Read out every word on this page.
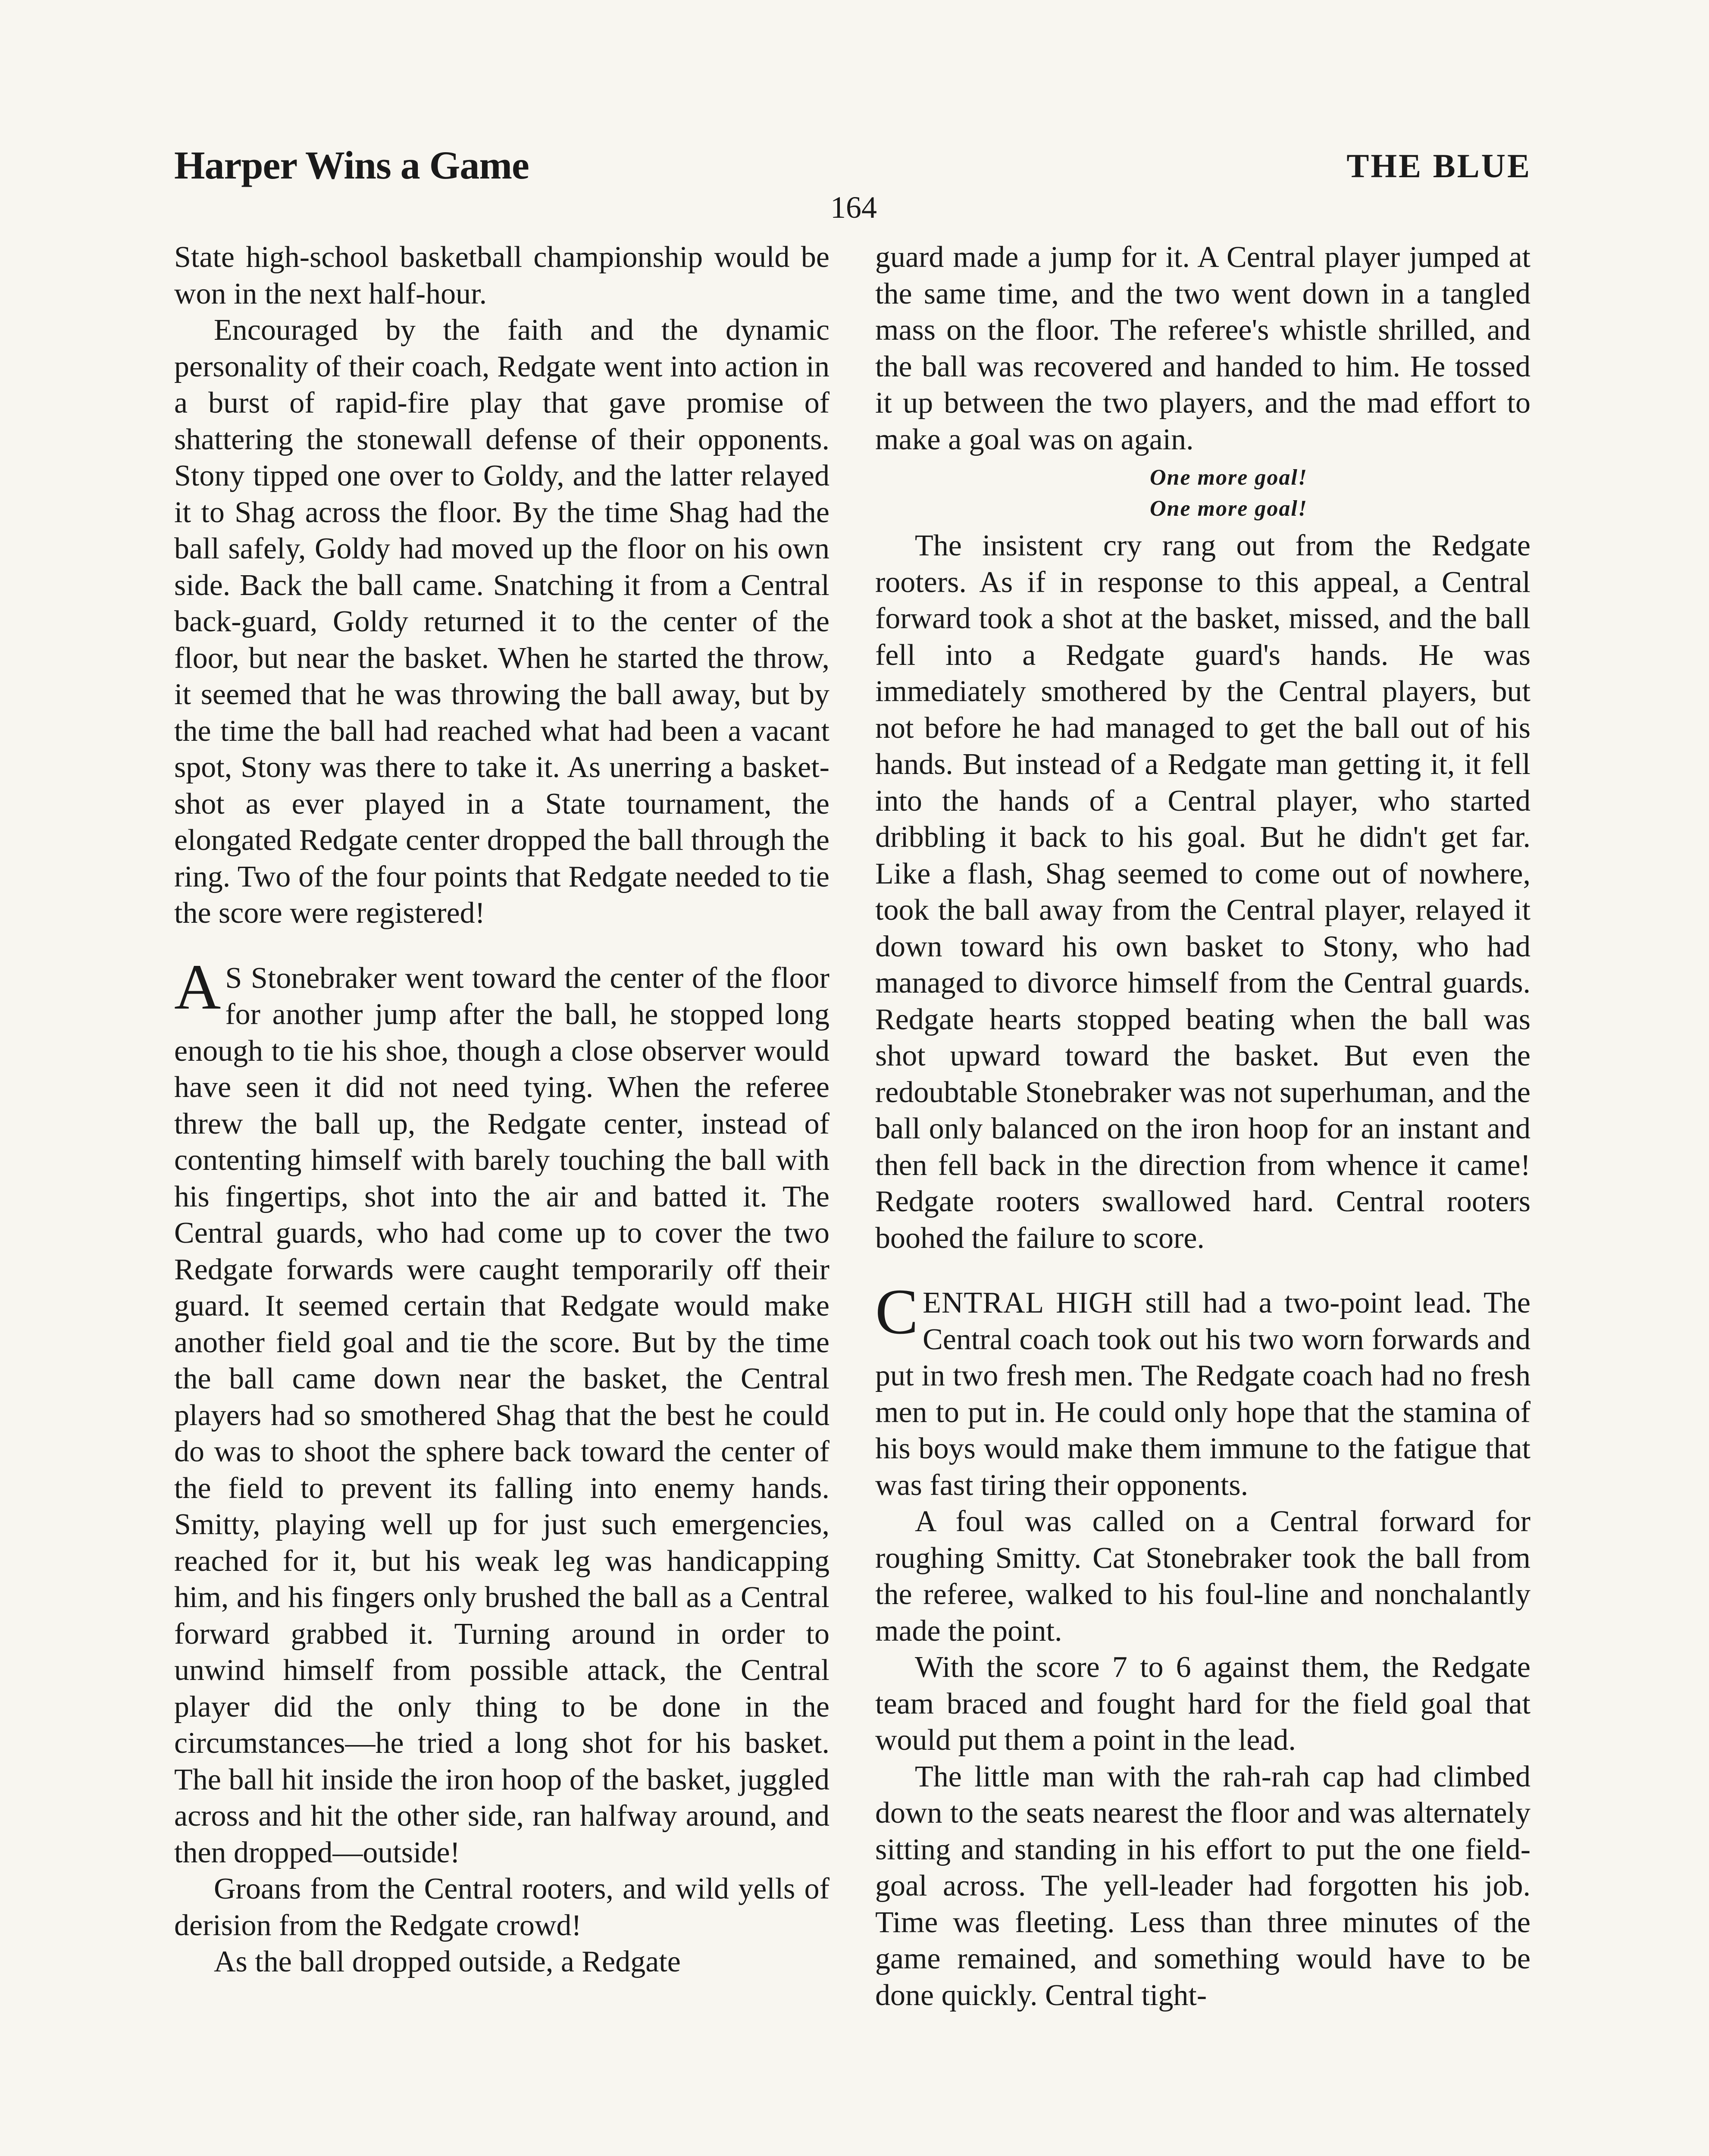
Harper Wins a Game
164
THE BLUE

State high-school basketball championship would be won in the next half-hour.

Encouraged by the faith and the dynamic personality of their coach, Redgate went into action in a burst of rapid-fire play that gave promise of shattering the stonewall defense of their opponents. Stony tipped one over to Goldy, and the latter relayed it to Shag across the floor. By the time Shag had the ball safely, Goldy had moved up the floor on his own side. Back the ball came. Snatching it from a Central back-guard, Goldy returned it to the center of the floor, but near the basket. When he started the throw, it seemed that he was throwing the ball away, but by the time the ball had reached what had been a vacant spot, Stony was there to take it. As unerring a basket-shot as ever played in a State tournament, the elongated Redgate center dropped the ball through the ring. Two of the four points that Redgate needed to tie the score were registered!

A S Stonebraker went toward the center of the floor for another jump after the ball, he stopped long enough to tie his shoe, though a close observer would have seen it did not need tying. When the referee threw the ball up, the Redgate center, instead of contenting himself with barely touching the ball with his fingertips, shot into the air and batted it. The Central guards, who had come up to cover the two Redgate forwards were caught temporarily off their guard. It seemed certain that Redgate would make another field goal and tie the score. But by the time the ball came down near the basket, the Central players had so smothered Shag that the best he could do was to shoot the sphere back toward the center of the field to prevent its falling into enemy hands. Smitty, playing well up for just such emergencies, reached for it, but his weak leg was handicapping him, and his fingers only brushed the ball as a Central forward grabbed it. Turning around in order to unwind himself from possible attack, the Central player did the only thing to be done in the circumstances—he tried a long shot for his basket. The ball hit inside the iron hoop of the basket, juggled across and hit the other side, ran halfway around, and then dropped—outside!

Groans from the Central rooters, and wild yells of derision from the Redgate crowd!

As the ball dropped outside, a Redgate

guard made a jump for it. A Central player jumped at the same time, and the two went down in a tangled mass on the floor. The referee's whistle shrilled, and the ball was recovered and handed to him. He tossed it up between the two players, and the mad effort to make a goal was on again.

One more goal!
One more goal!

The insistent cry rang out from the Redgate rooters. As if in response to this appeal, a Central forward took a shot at the basket, missed, and the ball fell into a Redgate guard's hands. He was immediately smothered by the Central players, but not before he had managed to get the ball out of his hands. But instead of a Redgate man getting it, it fell into the hands of a Central player, who started dribbling it back to his goal. But he didn't get far. Like a flash, Shag seemed to come out of nowhere, took the ball away from the Central player, relayed it down toward his own basket to Stony, who had managed to divorce himself from the Central guards. Redgate hearts stopped beating when the ball was shot upward toward the basket. But even the redoubtable Stonebraker was not superhuman, and the ball only balanced on the iron hoop for an instant and then fell back in the direction from whence it came! Redgate rooters swallowed hard. Central rooters boohed the failure to score.

CENTRAL HIGH still had a two-point lead. The Central coach took out his two worn forwards and put in two fresh men. The Redgate coach had no fresh men to put in. He could only hope that the stamina of his boys would make them immune to the fatigue that was fast tiring their opponents.

A foul was called on a Central forward for roughing Smitty. Cat Stonebraker took the ball from the referee, walked to his foul-line and nonchalantly made the point.

With the score 7 to 6 against them, the Redgate team braced and fought hard for the field goal that would put them a point in the lead.

The little man with the rah-rah cap had climbed down to the seats nearest the floor and was alternately sitting and standing in his effort to put the one field-goal across. The yell-leader had forgotten his job. Time was fleeting. Less than three minutes of the game remained, and something would have to be done quickly. Central tight-
